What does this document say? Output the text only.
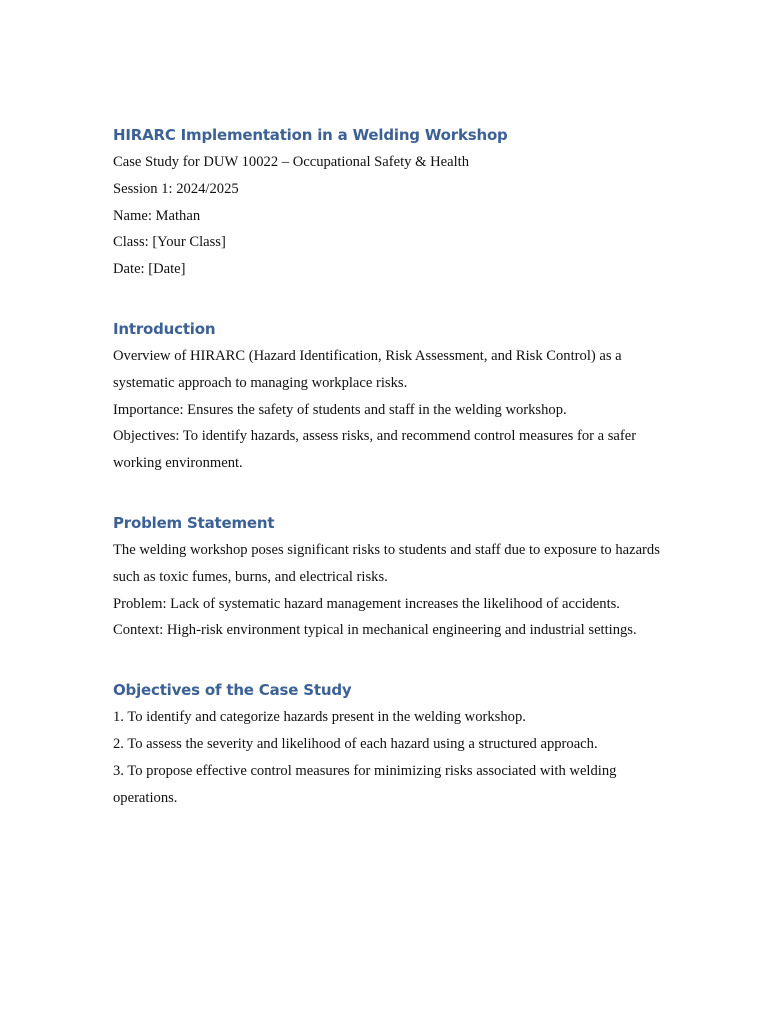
HIRARC Implementation in a Welding Workshop

Case Study for DUW 10022 – Occupational Safety & Health

Session 1: 2024/2025

Name: Mathan

Class: [Your Class]

Date: [Date]

Introduction

Overview of HIRARC (Hazard Identification, Risk Assessment, and Risk Control) as a systematic approach to managing workplace risks.

Importance: Ensures the safety of students and staff in the welding workshop.

Objectives: To identify hazards, assess risks, and recommend control measures for a safer working environment.

Problem Statement

The welding workshop poses significant risks to students and staff due to exposure to hazards such as toxic fumes, burns, and electrical risks.

Problem: Lack of systematic hazard management increases the likelihood of accidents.

Context: High-risk environment typical in mechanical engineering and industrial settings.

Objectives of the Case Study

1. To identify and categorize hazards present in the welding workshop.

2. To assess the severity and likelihood of each hazard using a structured approach.

3. To propose effective control measures for minimizing risks associated with welding operations.
